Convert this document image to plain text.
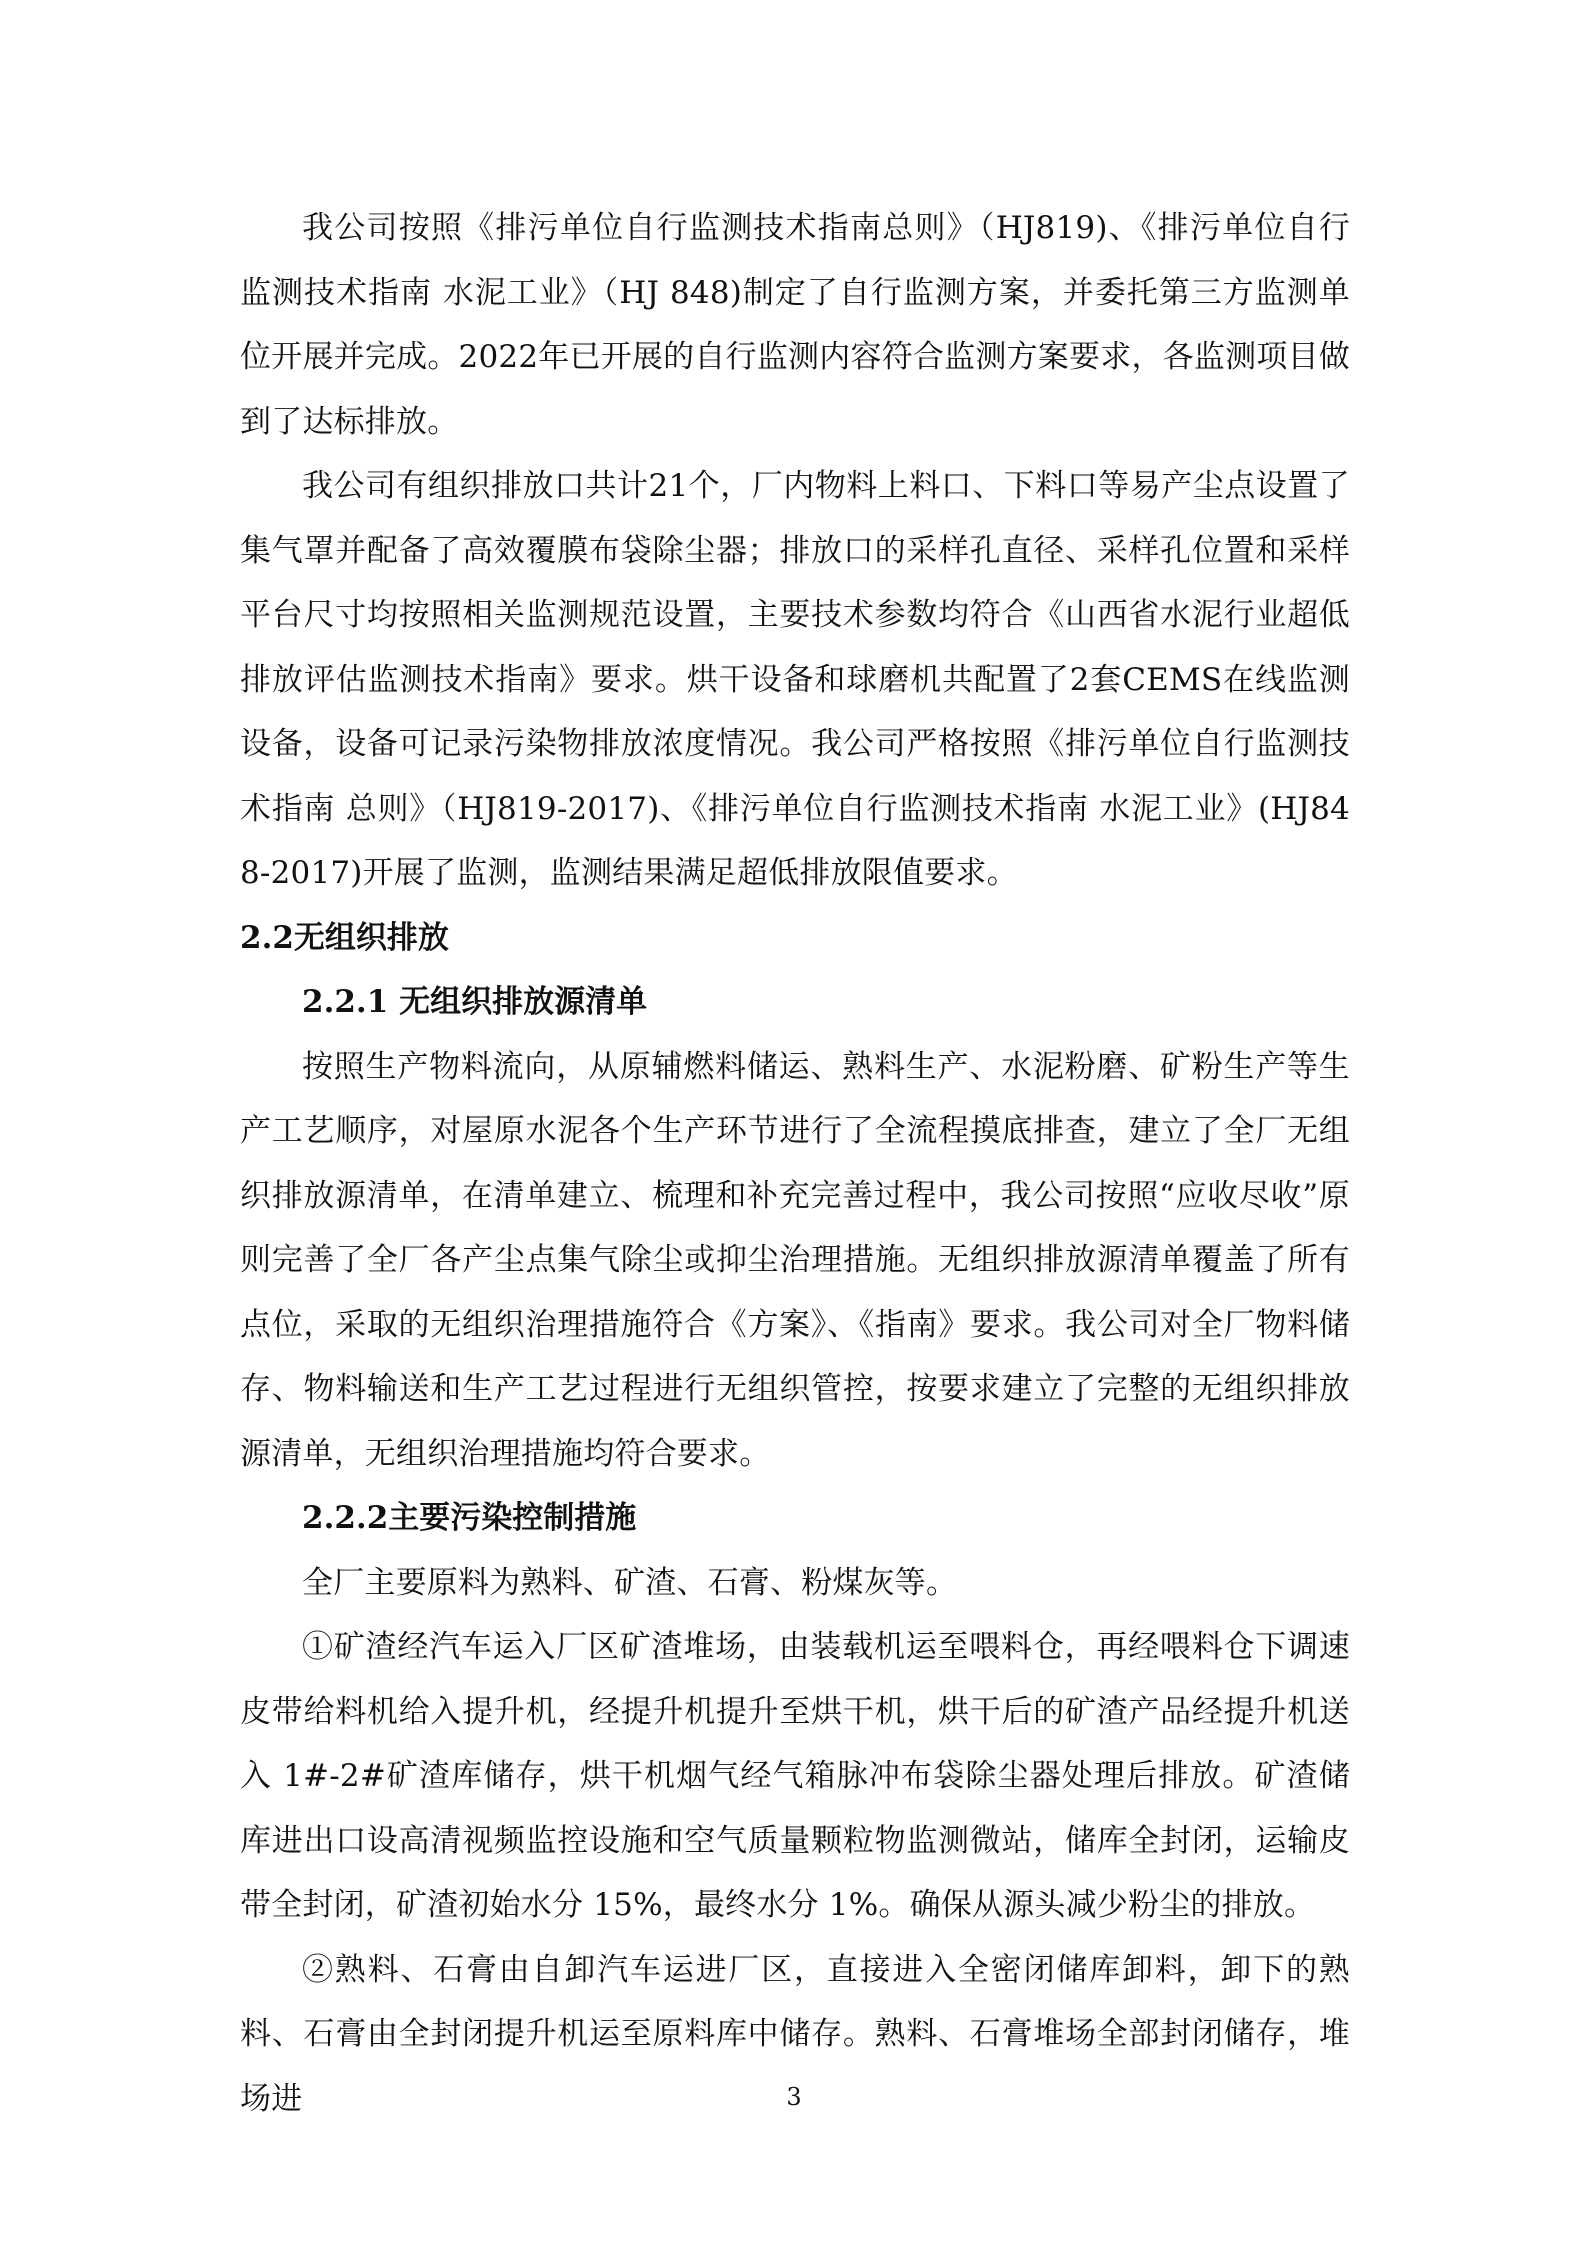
我公司按照《排污单位自行监测技术指南总则》（HJ819)、《排污单位自行监测技术指南 水泥工业》（HJ 848)制定了自行监测方案，并委托第三方监测单位开展并完成。2022年已开展的自行监测内容符合监测方案要求，各监测项目做到了达标排放。

我公司有组织排放口共计21个，厂内物料上料口、下料口等易产尘点设置了集气罩并配备了高效覆膜布袋除尘器；排放口的采样孔直径、采样孔位置和采样平台尺寸均按照相关监测规范设置，主要技术参数均符合《山西省水泥行业超低排放评估监测技术指南》要求。烘干设备和球磨机共配置了2套CEMS在线监测设备，设备可记录污染物排放浓度情况。我公司严格按照《排污单位自行监测技术指南 总则》（HJ819-2017)、《排污单位自行监测技术指南 水泥工业》(HJ848-2017)开展了监测，监测结果满足超低排放限值要求。

2.2无组织排放
2.2.1 无组织排放源清单

按照生产物料流向，从原辅燃料储运、熟料生产、水泥粉磨、矿粉生产等生产工艺顺序，对屋原水泥各个生产环节进行了全流程摸底排查，建立了全厂无组织排放源清单，在清单建立、梳理和补充完善过程中，我公司按照“应收尽收”原则完善了全厂各产尘点集气除尘或抑尘治理措施。无组织排放源清单覆盖了所有点位，采取的无组织治理措施符合《方案》、《指南》要求。我公司对全厂物料储存、物料输送和生产工艺过程进行无组织管控，按要求建立了完整的无组织排放源清单，无组织治理措施均符合要求。

2.2.2主要污染控制措施

全厂主要原料为熟料、矿渣、石膏、粉煤灰等。

①矿渣经汽车运入厂区矿渣堆场，由装载机运至喂料仓，再经喂料仓下调速皮带给料机给入提升机，经提升机提升至烘干机，烘干后的矿渣产品经提升机送入 1#-2#矿渣库储存，烘干机烟气经气箱脉冲布袋除尘器处理后排放。矿渣储库进出口设高清视频监控设施和空气质量颗粒物监测微站，储库全封闭，运输皮带全封闭，矿渣初始水分 15%，最终水分 1%。确保从源头减少粉尘的排放。

②熟料、石膏由自卸汽车运进厂区，直接进入全密闭储库卸料，卸下的熟料、石膏由全封闭提升机运至原料库中储存。熟料、石膏堆场全部封闭储存，堆场进	3
